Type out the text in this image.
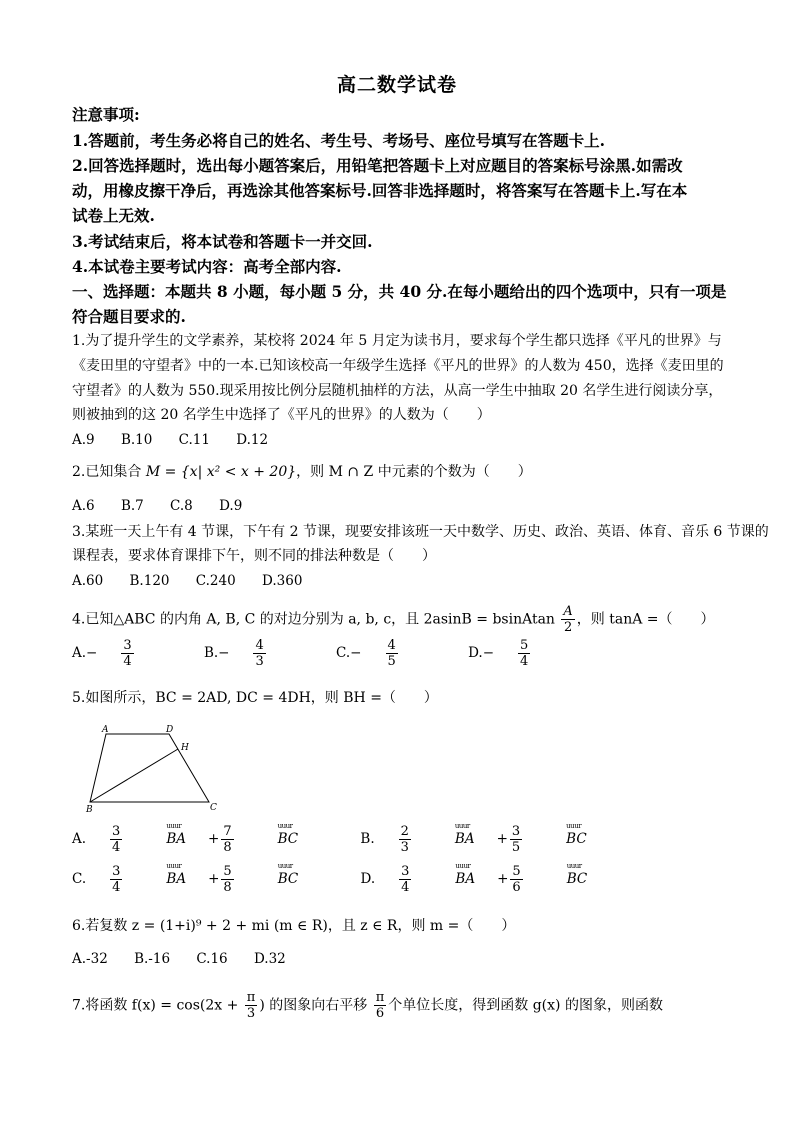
高二数学试卷
注意事项:
1.答题前，考生务必将自己的姓名、考生号、考场号、座位号填写在答题卡上.
2.回答选择题时，选出每小题答案后，用铅笔把答题卡上对应题目的答案标号涂黑.如需改
动，用橡皮擦干净后，再选涂其他答案标号.回答非选择题时，将答案写在答题卡上.写在本
试卷上无效.
3.考试结束后，将本试卷和答题卡一并交回.
4.本试卷主要考试内容：高考全部内容.
一、选择题：本题共 8 小题，每小题 5 分，共 40 分.在每小题给出的四个选项中，只有一项是
符合题目要求的.
1.为了提升学生的文学素养，某校将 2024 年 5 月定为读书月，要求每个学生都只选择《平凡的世界》与
《麦田里的守望者》中的一本.已知该校高一年级学生选择《平凡的世界》的人数为 450，选择《麦田里的
守望者》的人数为 550.现采用按比例分层随机抽样的方法，从高一学生中抽取 20 名学生进行阅读分享，
则被抽到的这 20 名学生中选择了《平凡的世界》的人数为（　　）
A.9 B.10 C.11 D.12
2.已知集合 M = {x| x² < x + 20}，则 M ∩ Z 中元素的个数为（　　）
A.6 B.7 C.8 D.9
3.某班一天上午有 4 节课，下午有 2 节课，现要安排该班一天中数学、历史、政治、英语、体育、音乐 6 节课的
课程表，要求体育课排下午，则不同的排法种数是（　　）
A.60 B.120 C.240 D.360
4.已知△ABC 的内角 A, B, C 的对边分别为 a, b, c，且 2asinB = bsinAtan $\frac{A}{2}$ ，则 tanA =（　　）
$A.- \frac{3}{4}$	$B.- \frac{4}{3}$	$C.- \frac{4}{5}$	$D.- \frac{5}{4}$
5.如图所示，BC = 2AD, DC = 4DH，则 BH =（　　）
A	D
H
B	C
A. $\frac{3}{4}$ uuur BA + $\frac{7}{8}$ uuur BC	B. $\frac{2}{3}$ uuur BA + $\frac{3}{5}$ uuur BC
C. $\frac{3}{4}$ uuur BA + $\frac{5}{8}$ uuur BC	D. $\frac{3}{4}$ uuur BA + $\frac{5}{6}$ uuur BC
6.若复数 z = (1+i)⁹ + 2 + mi (m ∈ R)，且 z ∈ R，则 m =（　　）
A.-32 B.-16 C.16 D.32
7.将函数 $f(x) = \cos(2x + \frac{\pi}{3}$ ) 的图象向右平移 $\frac{\pi}{6}$ 个单位长度，得到函数 g(x) 的图象，则函数
